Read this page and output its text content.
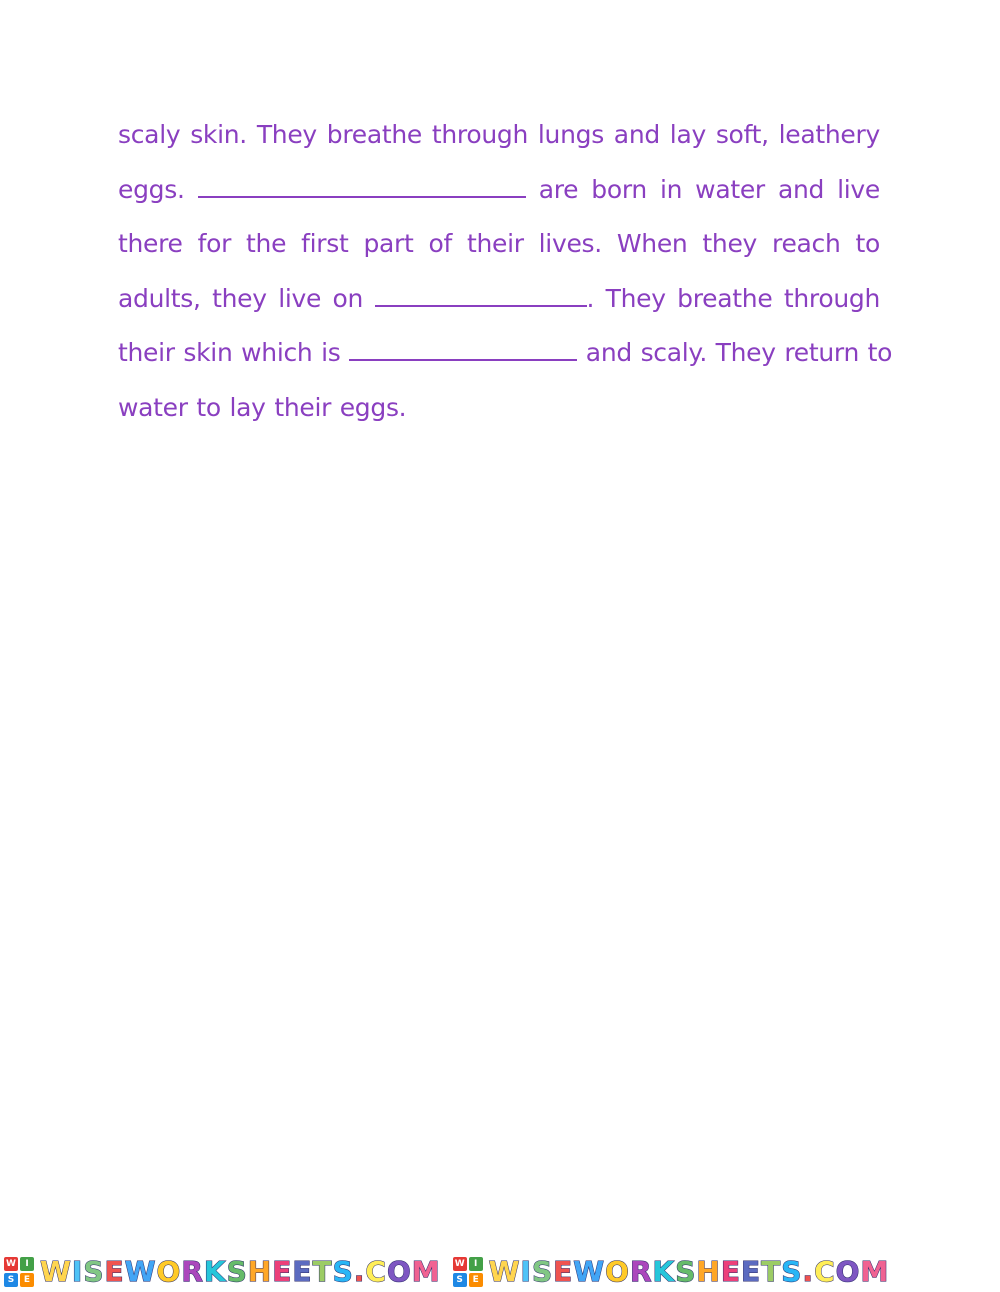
scaly skin. They breathe through lungs and lay soft, leathery
eggs.	are born in water and live
there for the first part of their lives. When they reach to
adults, they live on	. They breathe through
their skin which is	and scaly. They return to
water to lay their eggs.
W	I
S	E WISEWORKSHEETS.COM W	I
S	E WISEWORKSHEETS.COM
